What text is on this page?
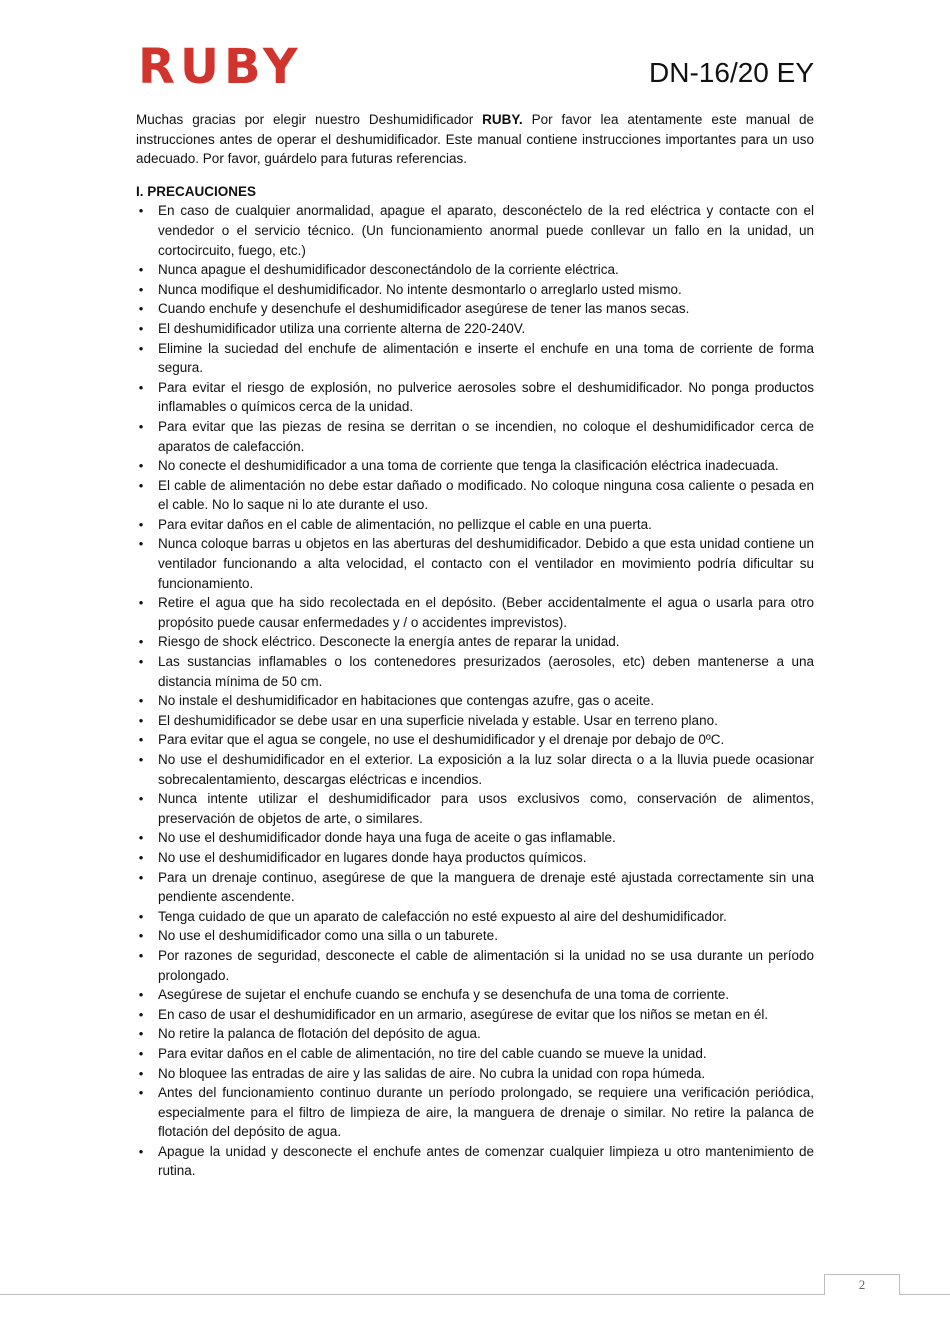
RUBY	DN-16/20 EY

Muchas gracias por elegir nuestro Deshumidificador RUBY. Por favor lea atentamente este manual de instrucciones antes de operar el deshumidificador. Este manual contiene instrucciones importantes para un uso adecuado. Por favor, guárdelo para futuras referencias.

I. PRECAUCIONES
• En caso de cualquier anormalidad, apague el aparato, desconéctelo de la red eléctrica y contacte con el vendedor o el servicio técnico. (Un funcionamiento anormal puede conllevar un fallo en la unidad, un cortocircuito, fuego, etc.)
• Nunca apague el deshumidificador desconectándolo de la corriente eléctrica.
• Nunca modifique el deshumidificador. No intente desmontarlo o arreglarlo usted mismo.
• Cuando enchufe y desenchufe el deshumidificador asegúrese de tener las manos secas.
• El deshumidificador utiliza una corriente alterna de 220-240V.
• Elimine la suciedad del enchufe de alimentación e inserte el enchufe en una toma de corriente de forma segura.
• Para evitar el riesgo de explosión, no pulverice aerosoles sobre el deshumidificador. No ponga productos inflamables o químicos cerca de la unidad.
• Para evitar que las piezas de resina se derritan o se incendien, no coloque el deshumidificador cerca de aparatos de calefacción.
• No conecte el deshumidificador a una toma de corriente que tenga la clasificación eléctrica inadecuada.
• El cable de alimentación no debe estar dañado o modificado. No coloque ninguna cosa caliente o pesada en el cable. No lo saque ni lo ate durante el uso.
• Para evitar daños en el cable de alimentación, no pellizque el cable en una puerta.
• Nunca coloque barras u objetos en las aberturas del deshumidificador. Debido a que esta unidad contiene un ventilador funcionando a alta velocidad, el contacto con el ventilador en movimiento podría dificultar su funcionamiento.
• Retire el agua que ha sido recolectada en el depósito. (Beber accidentalmente el agua o usarla para otro propósito puede causar enfermedades y / o accidentes imprevistos).
• Riesgo de shock eléctrico. Desconecte la energía antes de reparar la unidad.
• Las sustancias inflamables o los contenedores presurizados (aerosoles, etc) deben mantenerse a una distancia mínima de 50 cm.
• No instale el deshumidificador en habitaciones que contengas azufre, gas o aceite.
• El deshumidificador se debe usar en una superficie nivelada y estable. Usar en terreno plano.
• Para evitar que el agua se congele, no use el deshumidificador y el drenaje por debajo de 0ºC.
• No use el deshumidificador en el exterior. La exposición a la luz solar directa o a la lluvia puede ocasionar sobrecalentamiento, descargas eléctricas e incendios.
• Nunca intente utilizar el deshumidificador para usos exclusivos como, conservación de alimentos, preservación de objetos de arte, o similares.
• No use el deshumidificador donde haya una fuga de aceite o gas inflamable.
• No use el deshumidificador en lugares donde haya productos químicos.
• Para un drenaje continuo, asegúrese de que la manguera de drenaje esté ajustada correctamente sin una pendiente ascendente.
• Tenga cuidado de que un aparato de calefacción no esté expuesto al aire del deshumidificador.
• No use el deshumidificador como una silla o un taburete.
• Por razones de seguridad, desconecte el cable de alimentación si la unidad no se usa durante un período prolongado.
• Asegúrese de sujetar el enchufe cuando se enchufa y se desenchufa de una toma de corriente.
• En caso de usar el deshumidificador en un armario, asegúrese de evitar que los niños se metan en él.
• No retire la palanca de flotación del depósito de agua.
• Para evitar daños en el cable de alimentación, no tire del cable cuando se mueve la unidad.
• No bloquee las entradas de aire y las salidas de aire. No cubra la unidad con ropa húmeda.
• Antes del funcionamiento continuo durante un período prolongado, se requiere una verificación periódica, especialmente para el filtro de limpieza de aire, la manguera de drenaje o similar. No retire la palanca de flotación del depósito de agua.
• Apague la unidad y desconecte el enchufe antes de comenzar cualquier limpieza u otro mantenimiento de rutina.
2
